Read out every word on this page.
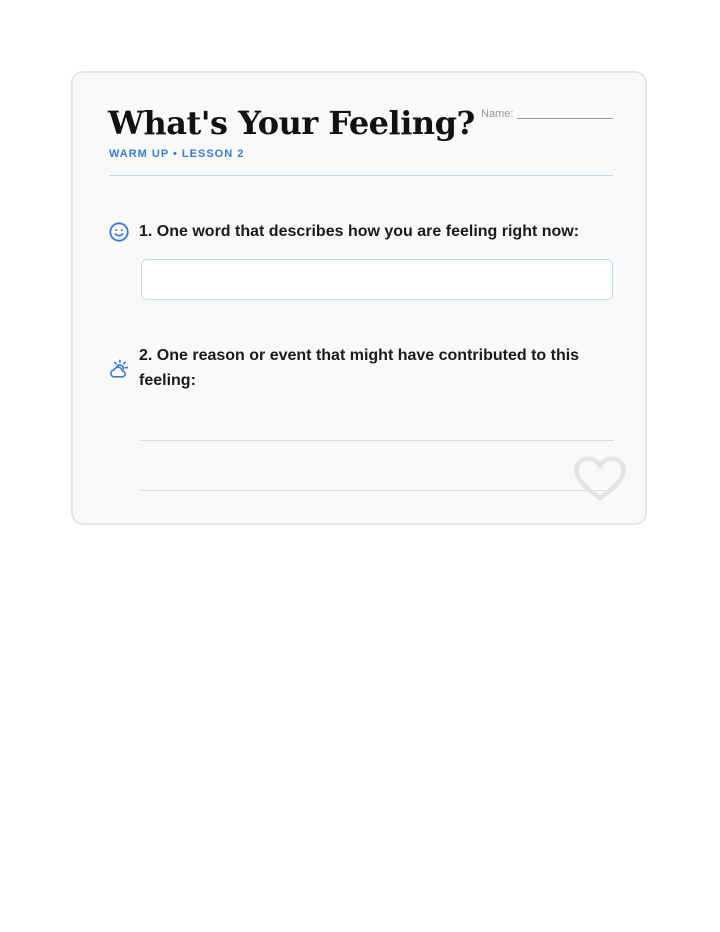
What's Your Feeling?
WARM UP • LESSON 2
Name:

1. One word that describes how you are feeling right now:

2. One reason or event that might have contributed to this feeling:
